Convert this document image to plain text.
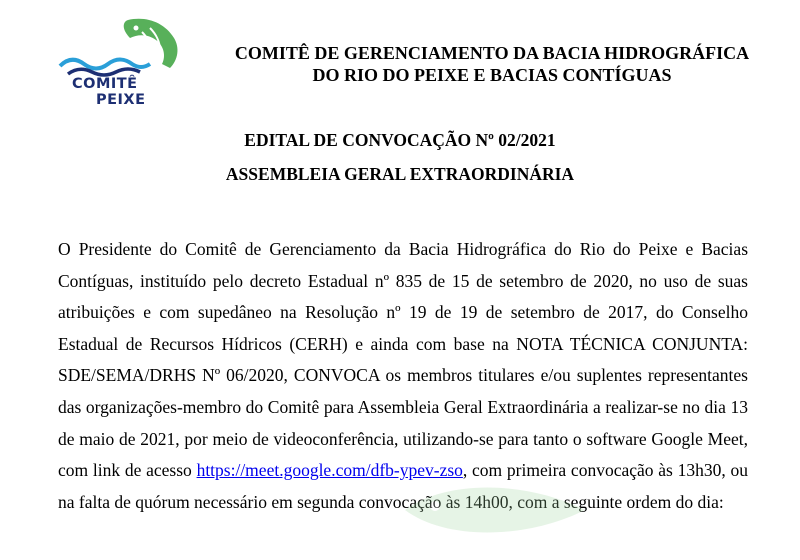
COMITÊ
PEIXE
COMITÊ DE GERENCIAMENTO DA BACIA HIDROGRÁFICA
DO RIO DO PEIXE E BACIAS CONTÍGUAS
EDITAL DE CONVOCAÇÃO Nº 02/2021
ASSEMBLEIA GERAL EXTRAORDINÁRIA
O Presidente do Comitê de Gerenciamento da Bacia Hidrográfica do Rio do Peixe e Bacias Contíguas, instituído pelo decreto Estadual nº 835 de 15 de setembro de 2020, no uso de suas atribuições e com supedâneo na Resolução nº 19 de 19 de setembro de 2017, do Conselho Estadual de Recursos Hídricos (CERH) e ainda com base na NOTA TÉCNICA CONJUNTA: SDE/SEMA/DRHS Nº 06/2020, CONVOCA os membros titulares e/ou suplentes representantes das organizações-membro do Comitê para Assembleia Geral Extraordinária a realizar-se no dia 13 de maio de 2021, por meio de videoconferência, utilizando-se para tanto o software Google Meet, com link de acesso https://meet.google.com/dfb-ypev-zso, com primeira convocação às 13h30, ou na falta de quórum necessário em segunda convocação às 14h00, com a seguinte ordem do dia:
